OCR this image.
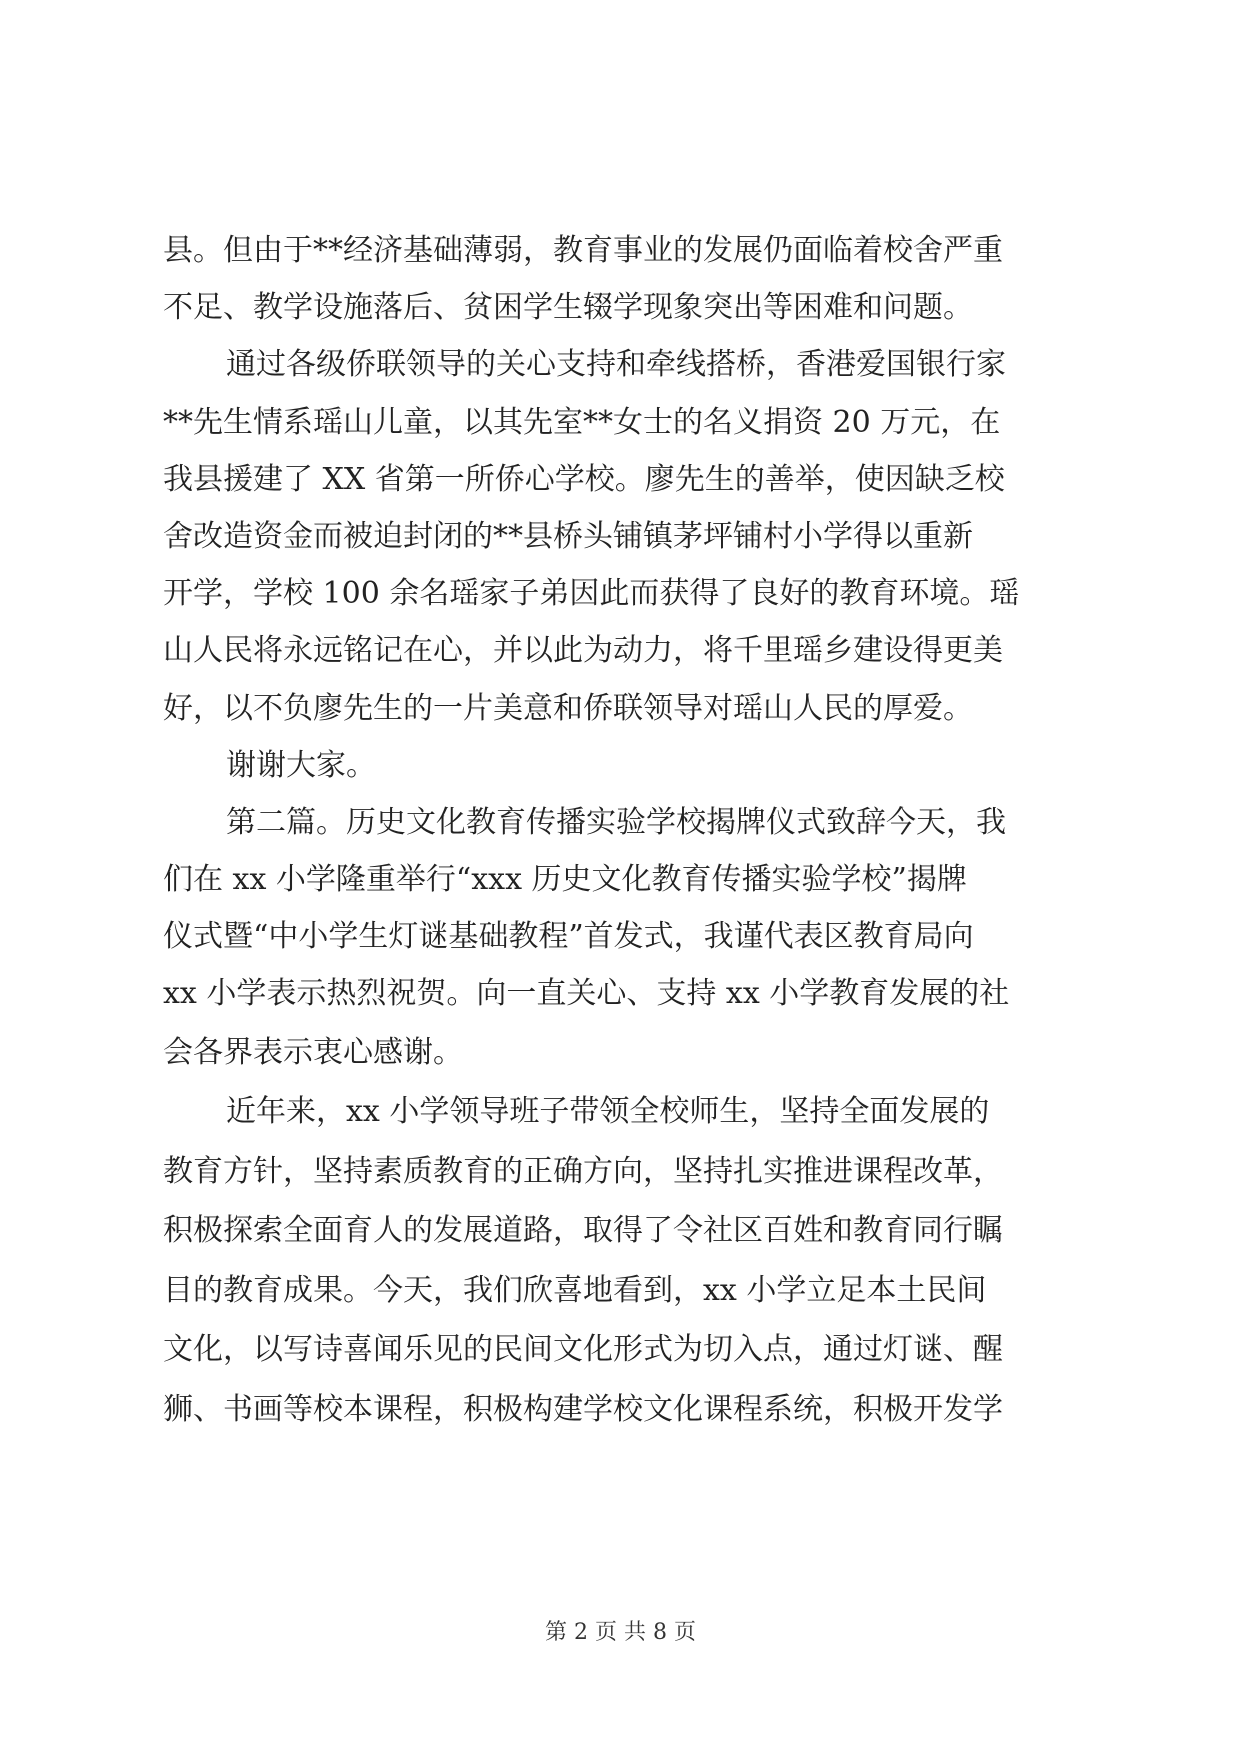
县。但由于**经济基础薄弱，教育事业的发展仍面临着校舍严重
不足、教学设施落后、贫困学生辍学现象突出等困难和问题。
通过各级侨联领导的关心支持和牵线搭桥，香港爱国银行家
**先生情系瑶山儿童，以其先室**女士的名义捐资 20 万元，在
我县援建了 XX 省第一所侨心学校。廖先生的善举，使因缺乏校
舍改造资金而被迫封闭的**县桥头铺镇茅坪铺村小学得以重新
开学，学校 100 余名瑶家子弟因此而获得了良好的教育环境。瑶
山人民将永远铭记在心，并以此为动力，将千里瑶乡建设得更美
好，以不负廖先生的一片美意和侨联领导对瑶山人民的厚爱。
谢谢大家。
第二篇。历史文化教育传播实验学校揭牌仪式致辞今天，我
们在 xx 小学隆重举行“xxx 历史文化教育传播实验学校”揭牌
仪式暨“中小学生灯谜基础教程”首发式，我谨代表区教育局向
xx 小学表示热烈祝贺。向一直关心、支持 xx 小学教育发展的社
会各界表示衷心感谢。
近年来，xx 小学领导班子带领全校师生，坚持全面发展的
教育方针，坚持素质教育的正确方向，坚持扎实推进课程改革，
积极探索全面育人的发展道路，取得了令社区百姓和教育同行瞩
目的教育成果。今天，我们欣喜地看到，xx 小学立足本土民间
文化，以写诗喜闻乐见的民间文化形式为切入点，通过灯谜、醒
狮、书画等校本课程，积极构建学校文化课程系统，积极开发学
第 2 页 共 8 页
